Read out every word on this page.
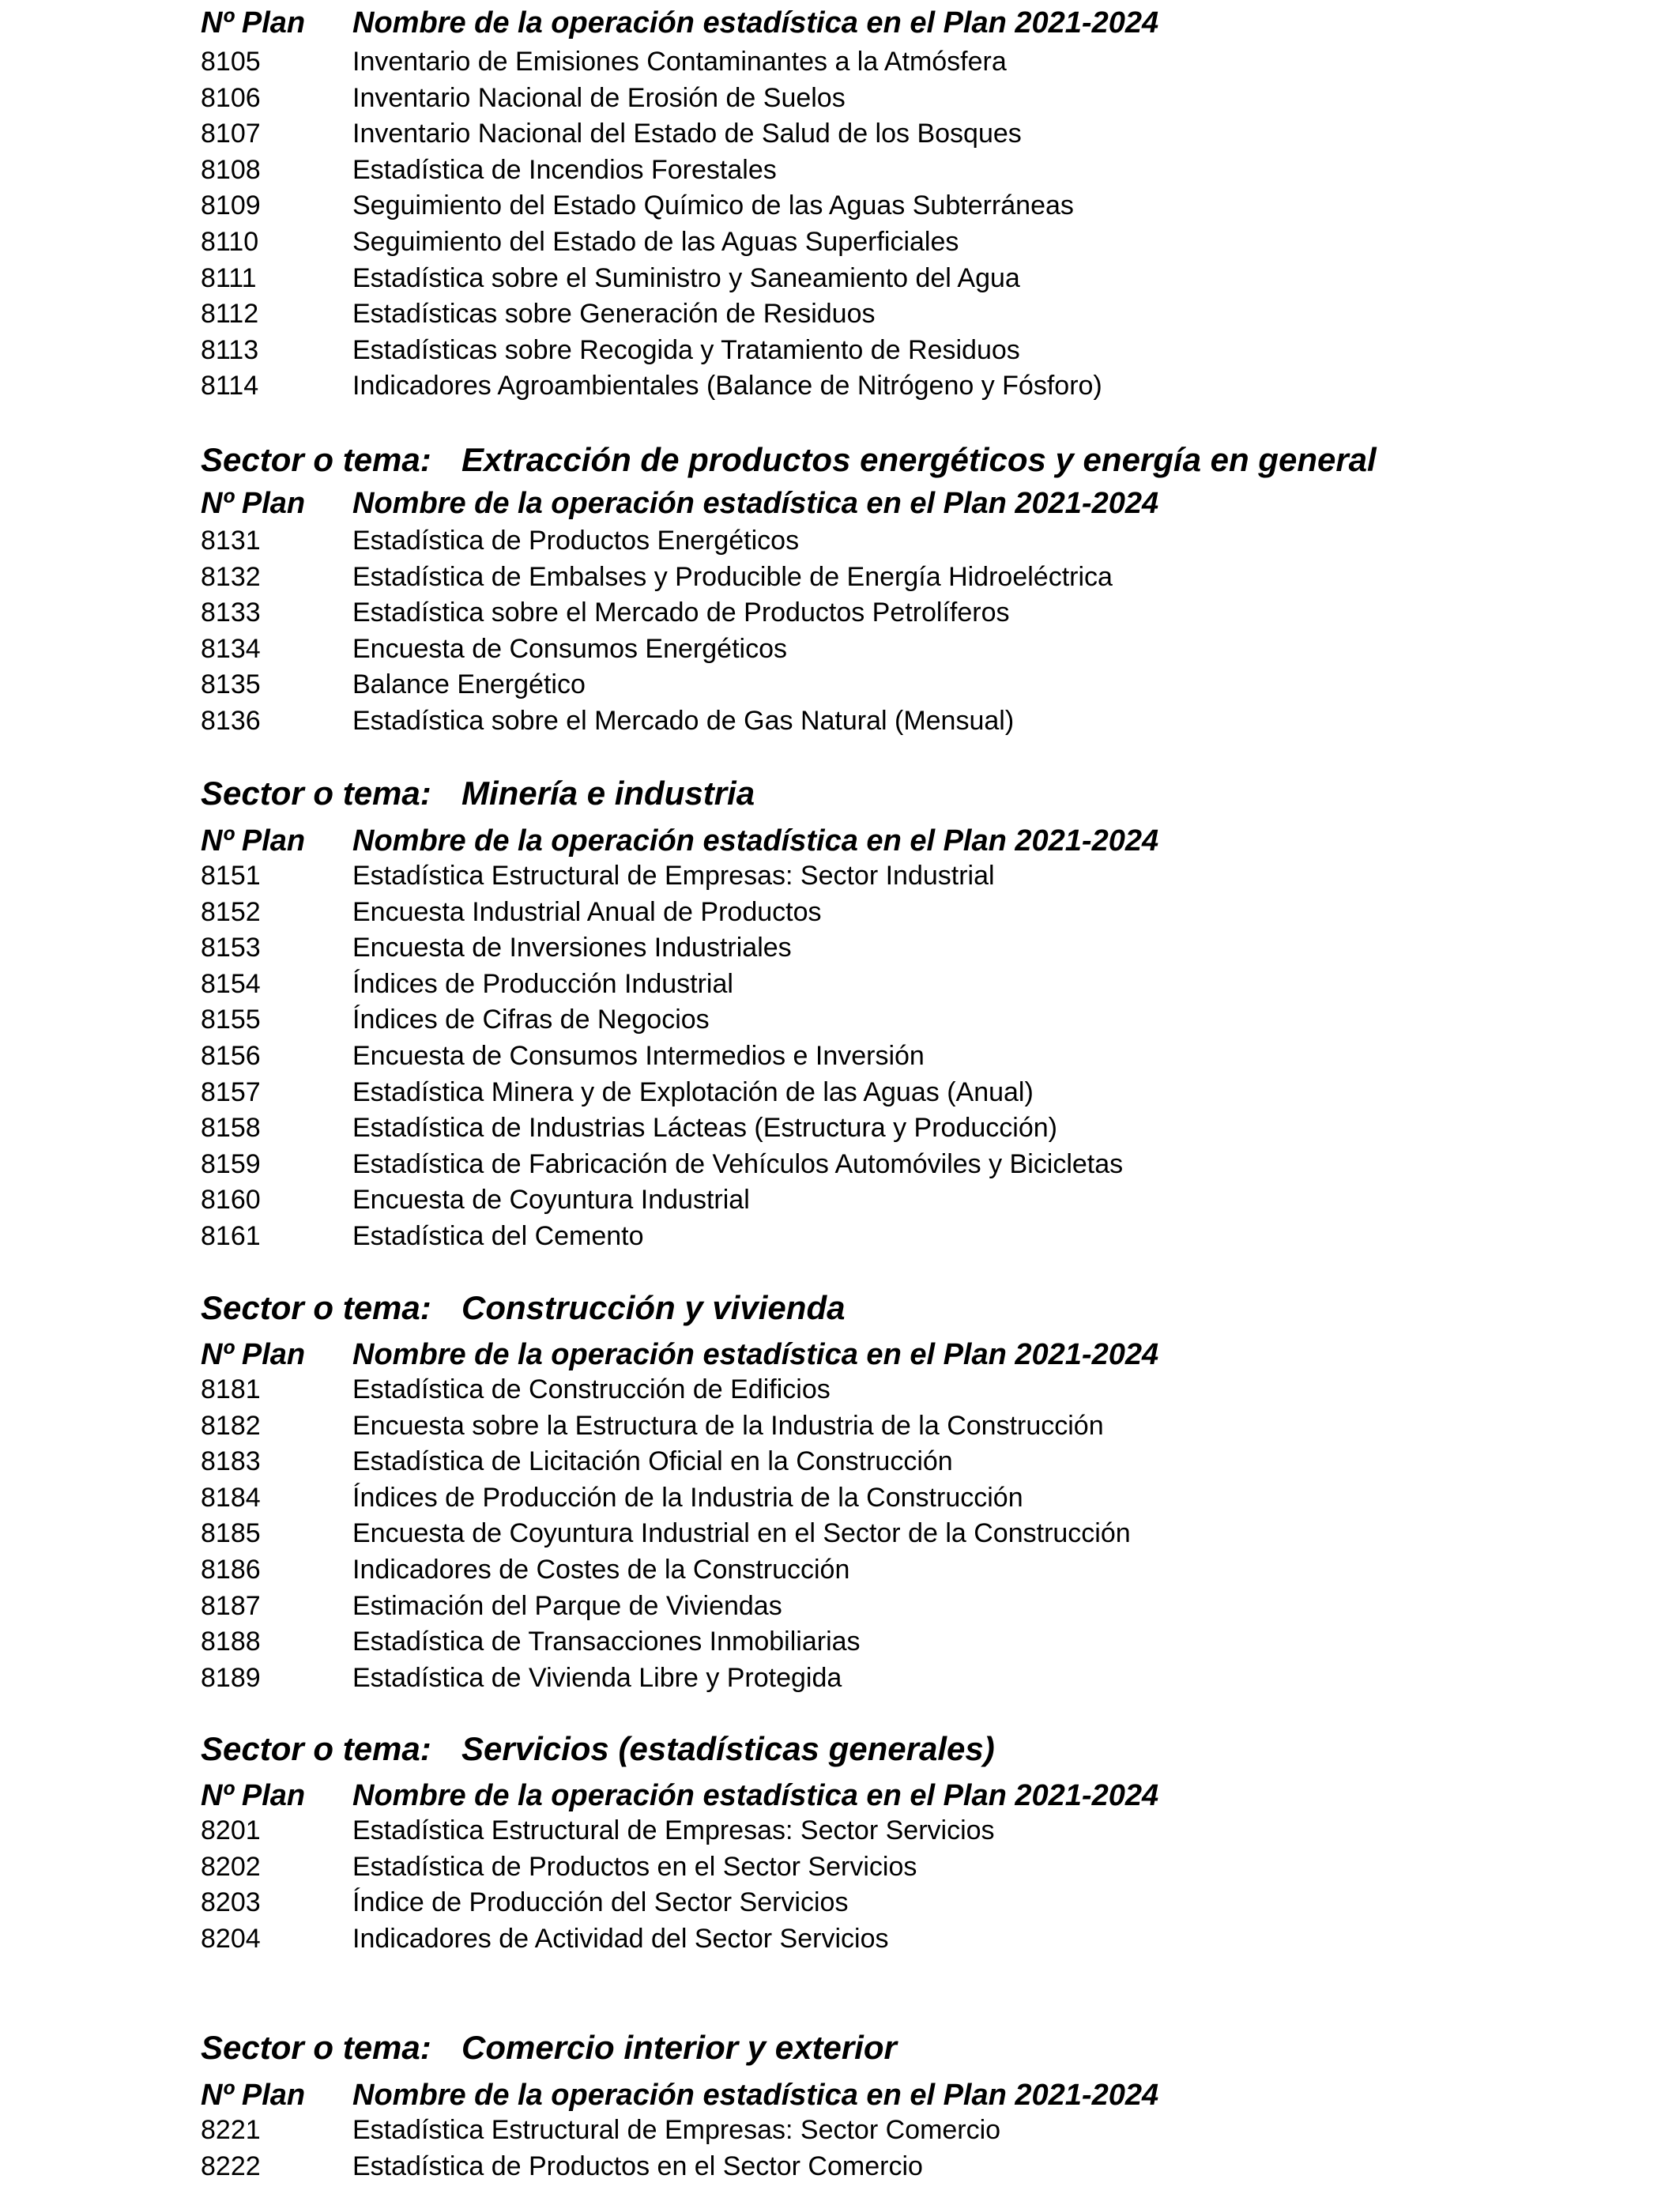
Nº Plan Nombre de la operación estadística en el Plan 2021-2024
8105	Inventario de Emisiones Contaminantes a la Atmósfera
8106	Inventario Nacional de Erosión de Suelos
8107	Inventario Nacional del Estado de Salud de los Bosques
8108	Estadística de Incendios Forestales
8109	Seguimiento del Estado Químico de las Aguas Subterráneas
8110	Seguimiento del Estado de las Aguas Superficiales
8111	Estadística sobre el Suministro y Saneamiento del Agua
8112	Estadísticas sobre Generación de Residuos
8113	Estadísticas sobre Recogida y Tratamiento de Residuos
8114	Indicadores Agroambientales (Balance de Nitrógeno y Fósforo)
Sector o tema: Extracción de productos energéticos y energía en general
Nº Plan Nombre de la operación estadística en el Plan 2021-2024
8131	Estadística de Productos Energéticos
8132	Estadística de Embalses y Producible de Energía Hidroeléctrica
8133	Estadística sobre el Mercado de Productos Petrolíferos
8134	Encuesta de Consumos Energéticos
8135	Balance Energético
8136	Estadística sobre el Mercado de Gas Natural (Mensual)
Sector o tema: Minería e industria
Nº Plan Nombre de la operación estadística en el Plan 2021-2024
8151	Estadística Estructural de Empresas: Sector Industrial
8152	Encuesta Industrial Anual de Productos
8153	Encuesta de Inversiones Industriales
8154	Índices de Producción Industrial
8155	Índices de Cifras de Negocios
8156	Encuesta de Consumos Intermedios e Inversión
8157	Estadística Minera y de Explotación de las Aguas (Anual)
8158	Estadística de Industrias Lácteas (Estructura y Producción)
8159	Estadística de Fabricación de Vehículos Automóviles y Bicicletas
8160	Encuesta de Coyuntura Industrial
8161	Estadística del Cemento
Sector o tema: Construcción y vivienda
Nº Plan Nombre de la operación estadística en el Plan 2021-2024
8181	Estadística de Construcción de Edificios
8182	Encuesta sobre la Estructura de la Industria de la Construcción
8183	Estadística de Licitación Oficial en la Construcción
8184	Índices de Producción de la Industria de la Construcción
8185	Encuesta de Coyuntura Industrial en el Sector de la Construcción
8186	Indicadores de Costes de la Construcción
8187	Estimación del Parque de Viviendas
8188	Estadística de Transacciones Inmobiliarias
8189	Estadística de Vivienda Libre y Protegida
Sector o tema: Servicios (estadísticas generales)
Nº Plan Nombre de la operación estadística en el Plan 2021-2024
8201	Estadística Estructural de Empresas: Sector Servicios
8202	Estadística de Productos en el Sector Servicios
8203	Índice de Producción del Sector Servicios
8204	Indicadores de Actividad del Sector Servicios
Sector o tema: Comercio interior y exterior
Nº Plan Nombre de la operación estadística en el Plan 2021-2024
8221	Estadística Estructural de Empresas: Sector Comercio
8222	Estadística de Productos en el Sector Comercio
